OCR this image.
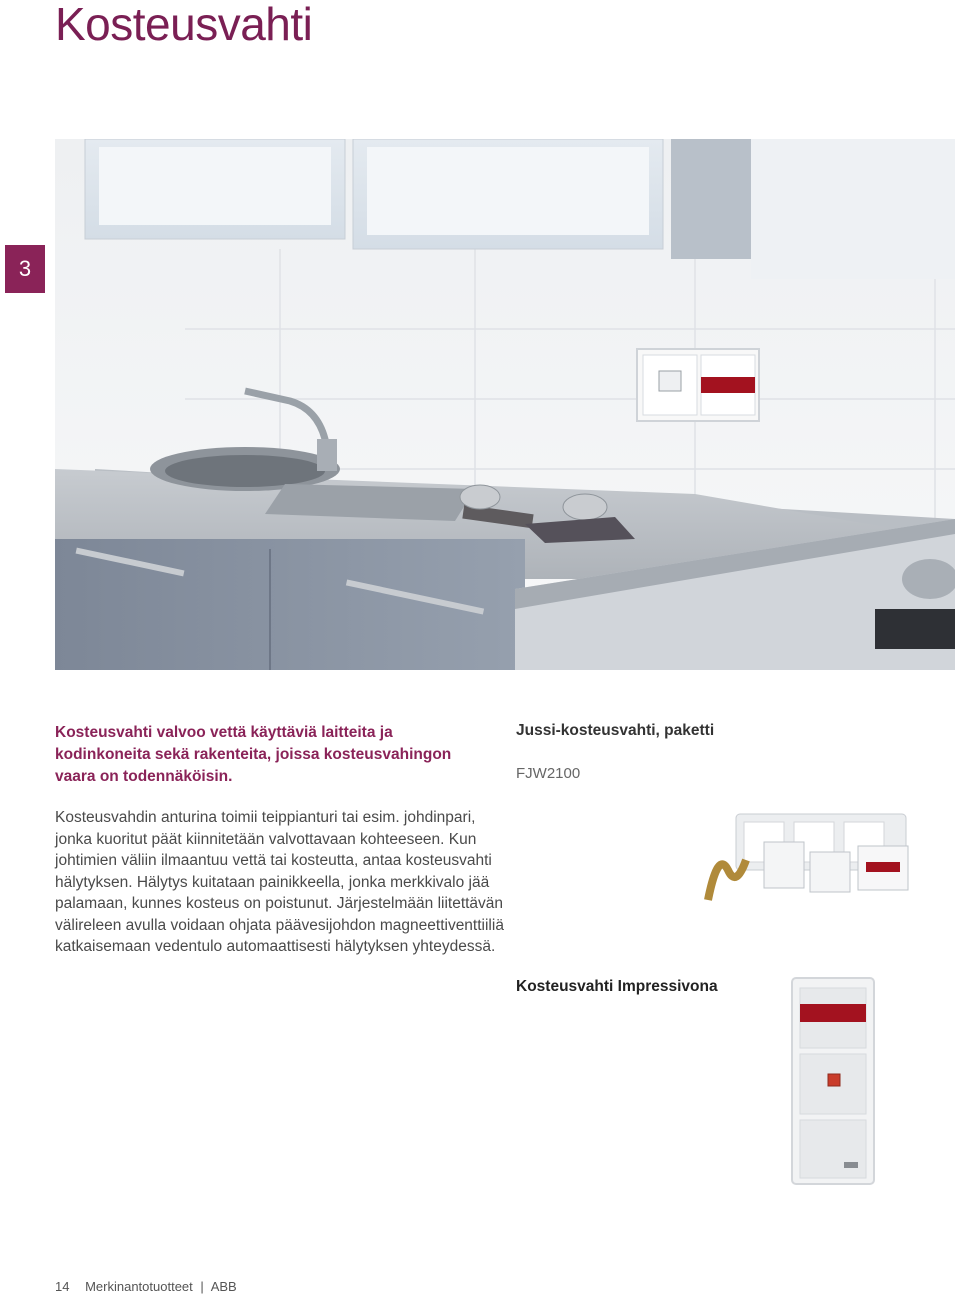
Kosteusvahti
3
Kosteusvahti valvoo vettä käyttäviä laitteita ja kodinkoneita sekä rakenteita, joissa kosteusvahingon vaara on todennäköisin.
Kosteusvahdin anturina toimii teippianturi tai esim. johdinpari, jonka kuoritut päät kiinnitetään valvottavaan kohteeseen. Kun johtimien väliin ilmaantuu vettä tai kosteutta, antaa kosteusvahti hälytyksen. Hälytys kuitataan painikkeella, jonka merkkivalo jää palamaan, kunnes kosteus on poistunut. Järjestelmään liitettävän välireleen avulla voidaan ohjata päävesijohdon magneettiventtiiliä katkaisemaan vedentulo automaattisesti hälytyksen yhteydessä.
Jussi-kosteusvahti, paketti
FJW2100
Kosteusvahti Impressivona
14 Merkinantotuotteet | ABB
